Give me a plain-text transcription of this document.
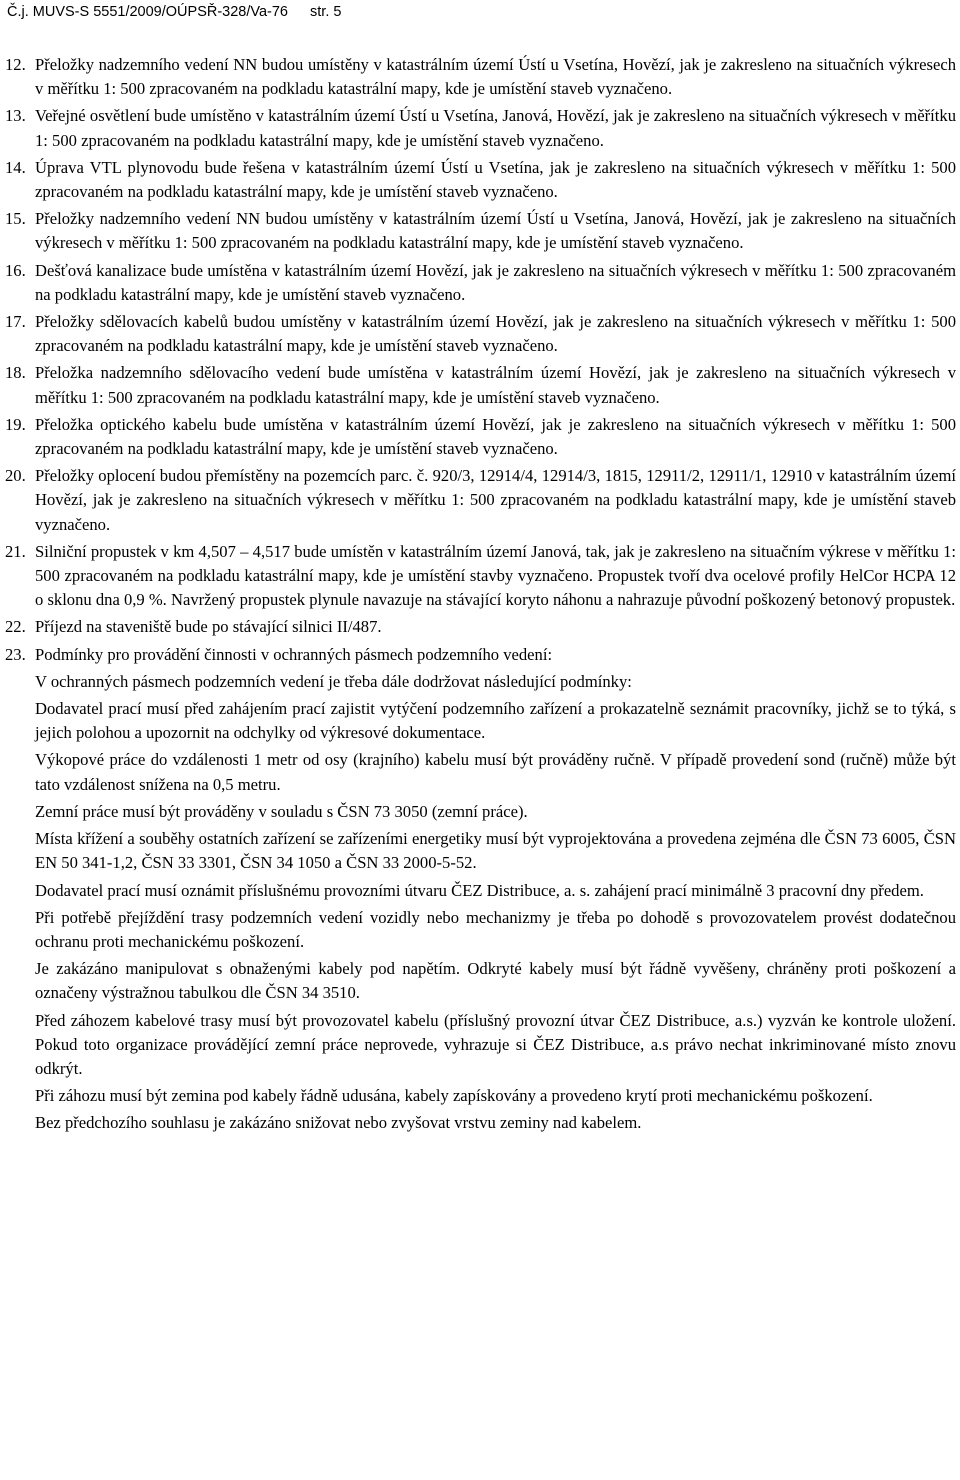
Č.j. MUVS-S 5551/2009/OÚPSŘ-328/Va-76 str. 5
12. Přeložky nadzemního vedení NN budou umístěny v katastrálním území Ústí u Vsetína, Hovězí, jak je zakresleno na situačních výkresech v měřítku 1: 500 zpracovaném na podkladu katastrální mapy, kde je umístění staveb vyznačeno.
13. Veřejné osvětlení bude umístěno v katastrálním území Ústí u Vsetína, Janová, Hovězí, jak je zakresleno na situačních výkresech v měřítku 1: 500 zpracovaném na podkladu katastrální mapy, kde je umístění staveb vyznačeno.
14. Úprava VTL plynovodu bude řešena v katastrálním území Ústí u Vsetína, jak je zakresleno na situačních výkresech v měřítku 1: 500 zpracovaném na podkladu katastrální mapy, kde je umístění staveb vyznačeno.
15. Přeložky nadzemního vedení NN budou umístěny v katastrálním území Ústí u Vsetína, Janová, Hovězí, jak je zakresleno na situačních výkresech v měřítku 1: 500 zpracovaném na podkladu katastrální mapy, kde je umístění staveb vyznačeno.
16. Dešťová kanalizace bude umístěna v katastrálním území Hovězí, jak je zakresleno na situačních výkresech v měřítku 1: 500 zpracovaném na podkladu katastrální mapy, kde je umístění staveb vyznačeno.
17. Přeložky sdělovacích kabelů budou umístěny v katastrálním území Hovězí, jak je zakresleno na situačních výkresech v měřítku 1: 500 zpracovaném na podkladu katastrální mapy, kde je umístění staveb vyznačeno.
18. Přeložka nadzemního sdělovacího vedení bude umístěna v katastrálním území Hovězí, jak je zakresleno na situačních výkresech v měřítku 1: 500 zpracovaném na podkladu katastrální mapy, kde je umístění staveb vyznačeno.
19. Přeložka optického kabelu bude umístěna v katastrálním území Hovězí, jak je zakresleno na situačních výkresech v měřítku 1: 500 zpracovaném na podkladu katastrální mapy, kde je umístění staveb vyznačeno.
20. Přeložky oplocení budou přemístěny na pozemcích parc. č. 920/3, 12914/4, 12914/3, 1815, 12911/2, 12911/1, 12910 v katastrálním území Hovězí, jak je zakresleno na situačních výkresech v měřítku 1: 500 zpracovaném na podkladu katastrální mapy, kde je umístění staveb vyznačeno.
21. Silniční propustek v km 4,507 – 4,517 bude umístěn v katastrálním území Janová, tak, jak je zakresleno na situačním výkrese v měřítku 1: 500 zpracovaném na podkladu katastrální mapy, kde je umístění stavby vyznačeno. Propustek tvoří dva ocelové profily HelCor HCPA 12 o sklonu dna 0,9 %. Navržený propustek plynule navazuje na stávající koryto náhonu a nahrazuje původní poškozený betonový propustek.
22. Příjezd na staveniště bude po stávající silnici II/487.
23. Podmínky pro provádění činnosti v ochranných pásmech podzemního vedení:
V ochranných pásmech podzemních vedení je třeba dále dodržovat následující podmínky:
Dodavatel prací musí před zahájením prací zajistit vytýčení podzemního zařízení a prokazatelně seznámit pracovníky, jichž se to týká, s jejich polohou a upozornit na odchylky od výkresové dokumentace.
Výkopové práce do vzdálenosti 1 metr od osy (krajního) kabelu musí být prováděny ručně. V případě provedení sond (ručně) může být tato vzdálenost snížena na 0,5 metru.
Zemní práce musí být prováděny v souladu s ČSN 73 3050 (zemní práce).
Místa křížení a souběhy ostatních zařízení se zařízeními energetiky musí být vyprojektována a provedena zejména dle ČSN 73 6005, ČSN EN 50 341-1,2, ČSN 33 3301, ČSN 34 1050 a ČSN 33 2000-5-52.
Dodavatel prací musí oznámit příslušnému provozními útvaru ČEZ Distribuce, a. s. zahájení prací minimálně 3 pracovní dny předem.
Při potřebě přejíždění trasy podzemních vedení vozidly nebo mechanizmy je třeba po dohodě s provozovatelem provést dodatečnou ochranu proti mechanickému poškození.
Je zakázáno manipulovat s obnaženými kabely pod napětím. Odkryté kabely musí být řádně vyvěšeny, chráněny proti poškození a označeny výstražnou tabulkou dle ČSN 34 3510.
Před záhozem kabelové trasy musí být provozovatel kabelu (příslušný provozní útvar ČEZ Distribuce, a.s.) vyzván ke kontrole uložení. Pokud toto organizace provádějící zemní práce neprovede, vyhrazuje si ČEZ Distribuce, a.s právo nechat inkriminované místo znovu odkrýt.
Při záhozu musí být zemina pod kabely řádně udusána, kabely zapískovány a provedeno krytí proti mechanickému poškození.
Bez předchozího souhlasu je zakázáno snižovat nebo zvyšovat vrstvu zeminy nad kabelem.
